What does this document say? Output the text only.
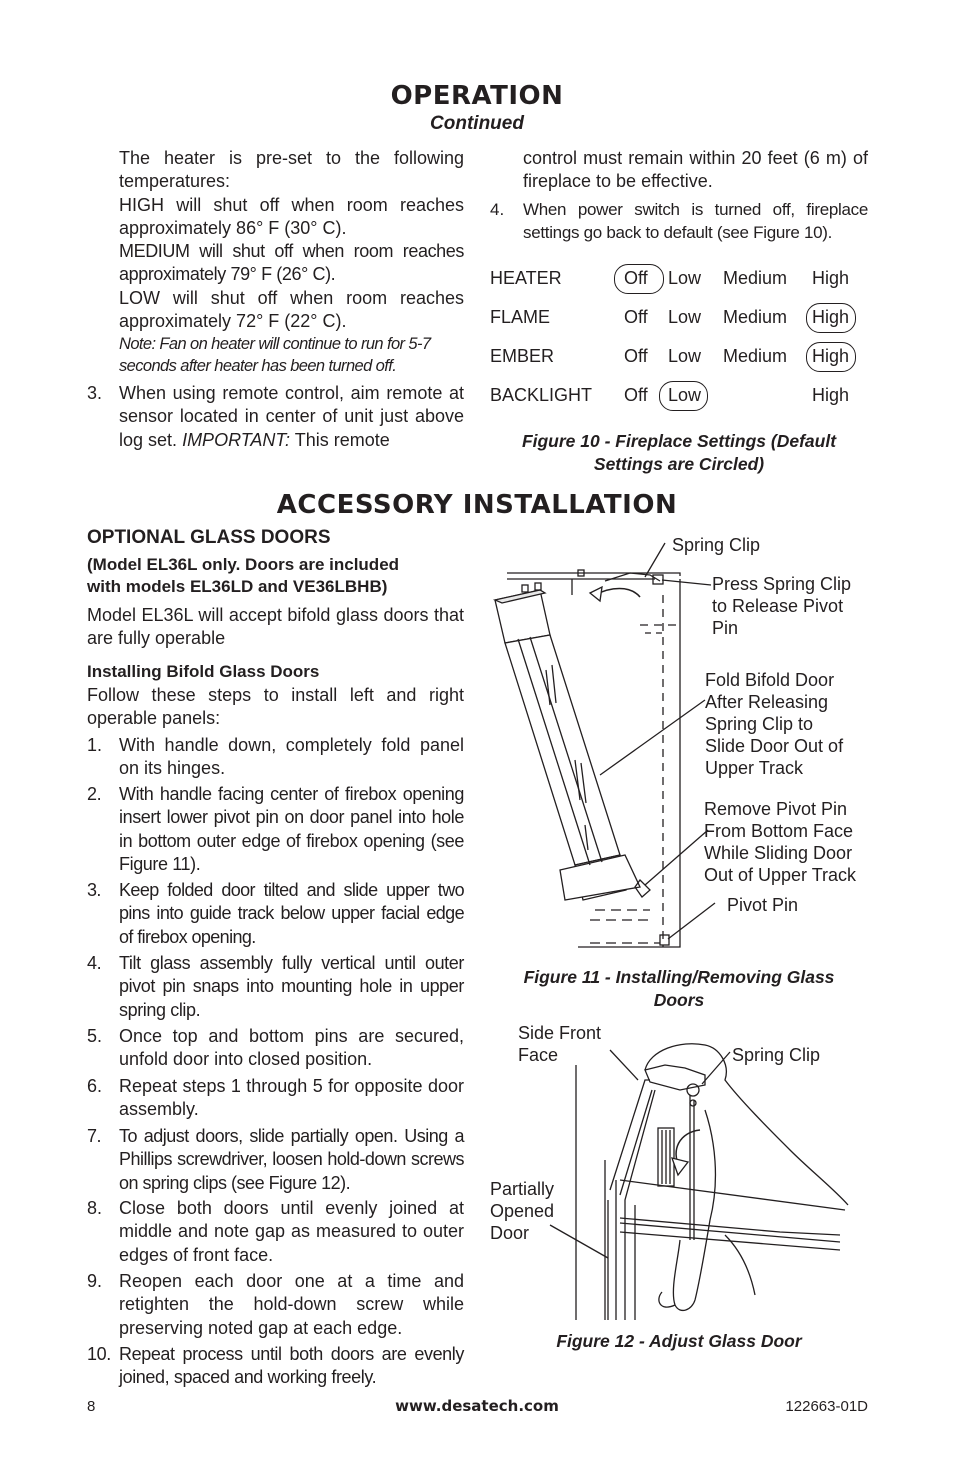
OPERATION
Continued
The heater is pre-set to the following temperatures:
HIGH will shut off when room reaches approximately 86° F (30° C).
MEDIUM will shut off when room reaches approximately 79° F (26° C).
LOW will shut off when room reaches approximately 72° F (22° C).
Note: Fan on heater will continue to run for 5-7
seconds after heater has been turned off.
3. When using remote control, aim remote at sensor located in center of unit just above log set. IMPORTANT: This remote
control must remain within 20 feet (6 m) of fireplace to be effective.
4. When power switch is turned off, fireplace settings go back to default (see Figure 10).
HEATER	Off Low Medium High
FLAME	Off Low Medium High
EMBER	Off Low Medium High
BACKLIGHT Off Low	High
Figure 10 - Fireplace Settings (Default
Settings are Circled)
ACCESSORY INSTALLATION
OPTIONAL GLASS DOORS
(Model EL36L only. Doors are included
with models EL36LD and VE36LBHB)
Model EL36L will accept bifold glass doors that are fully operable
Installing Bifold Glass Doors
Follow these steps to install left and right operable panels:
1. With handle down, completely fold panel on its hinges.
2. With handle facing center of firebox opening insert lower pivot pin on door panel into hole in bottom outer edge of firebox opening (see Figure 11).
3. Keep folded door tilted and slide upper two pins into guide track below upper facial edge of firebox opening.
4. Tilt glass assembly fully vertical until outer pivot pin snaps into mounting hole in upper spring clip.
5. Once top and bottom pins are secured, unfold door into closed position.
6. Repeat steps 1 through 5 for opposite door assembly.
7. To adjust doors, slide partially open. Using a Phillips screwdriver, loosen hold-down screws on spring clips (see Figure 12).
8. Close both doors until evenly joined at middle and note gap as measured to outer edges of front face.
9. Reopen each door one at a time and retighten the hold-down screw while preserving noted gap at each edge.
10. Repeat process until both doors are evenly joined, spaced and working freely.
Spring Clip
Press Spring Clip
to Release Pivot
Pin
Fold Bifold Door
After Releasing
Spring Clip to
Slide Door Out of
Upper Track
Remove Pivot Pin
From Bottom Face
While Sliding Door
Out of Upper Track
Pivot Pin
Figure 11 - Installing/Removing Glass
Doors
Side Front
Face	Spring Clip
Partially
Opened
Door
Figure 12 - Adjust Glass Door
8	www.desatech.com	122663-01D
